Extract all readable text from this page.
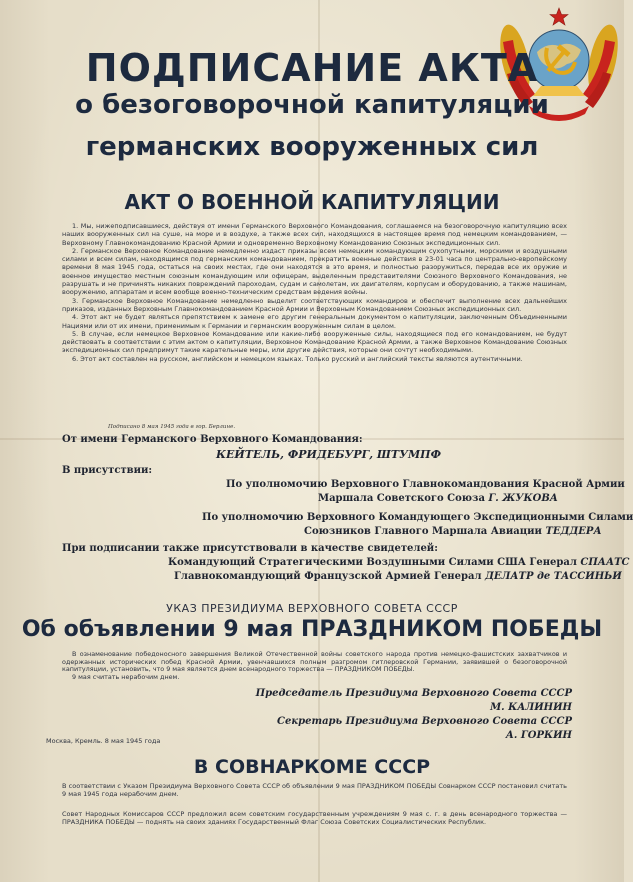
ПОДПИСАНИЕ АКТА
о безоговорочной капитуляции
германских вооруженных сил
АКТ О ВОЕННОЙ КАПИТУЛЯЦИИ

1. Мы, нижеподписавшиеся, действуя от имени Германского Верховного Командования, соглашаемся на безоговорочную капитуляцию всех наших вооруженных сил на суше, на море и в воздухе, а также всех сил, находящихся в настоящее время под немецким командованием, — Верховному Главнокомандованию Красной Армии и одновременно Верховному Командованию Союзных экспедиционных сил.

2. Германское Верховное Командование немедленно издаст приказы всем немецким командующим сухопутными, морскими и воздушными силами и всем силам, находящимся под германским командованием, прекратить военные действия в 23-01 часа по центрально-европейскому времени 8 мая 1945 года, остаться на своих местах, где они находятся в это время, и полностью разоружиться, передав все их оружие и военное имущество местным союзным командующим или офицерам, выделенным представителями Союзного Верховного Командования, не разрушать и не причинять никаких повреждений пароходам, судам и самолетам, их двигателям, корпусам и оборудованию, а также машинам, вооружению, аппаратам и всем вообще военно-техническим средствам ведения войны.

3. Германское Верховное Командование немедленно выделит соответствующих командиров и обеспечит выполнение всех дальнейших приказов, изданных Верховным Главнокомандованием Красной Армии и Верховным Командованием Союзных экспедиционных сил.

4. Этот акт не будет являться препятствием к замене его другим генеральным документом о капитуляции, заключенным Объединенными Нациями или от их имени, применимым к Германии и германским вооруженным силам в целом.

5. В случае, если немецкое Верховное Командование или какие-либо вооруженные силы, находящиеся под его командованием, не будут действовать в соответствии с этим актом о капитуляции, Верховное Командование Красной Армии, а также Верховное Командование Союзных экспедиционных сил предпримут такие карательные меры, или другие действия, которые они сочтут необходимыми.

6. Этот акт составлен на русском, английском и немецком языках. Только русский и английский тексты являются аутентичными.

Подписано 8 мая 1945 года в гор. Берлине.
От имени Германского Верховного Командования:
КЕЙТЕЛЬ, ФРИДЕБУРГ, ШТУМПФ
В присутствии:
По уполномочию Верховного Главнокомандования Красной Армии
Маршала Советского Союза Г. ЖУКОВА
По уполномочию Верховного Командующего Экспедиционными Силами
Союзников Главного Маршала Авиации ТЕДДЕРА
При подписании также присутствовали в качестве свидетелей:
Командующий Стратегическими Воздушными Силами США Генерал СПААТС
Главнокомандующий Французской Армией Генерал ДЕЛАТР де ТАССИНЬИ
УКАЗ ПРЕЗИДИУМА ВЕРХОВНОГО СОВЕТА СССР
Об объявлении 9 мая ПРАЗДНИКОМ ПОБЕДЫ

В ознаменование победоносного завершения Великой Отечественной войны советского народа против немецко-фашистских захватчиков и одержанных исторических побед Красной Армии, увенчавшихся полным разгромом гитлеровской Германии, заявившей о безоговорочной капитуляции, установить, что 9 мая является днем всенародного торжества — ПРАЗДНИКОМ ПОБЕДЫ.

9 мая считать нерабочим днем.

Председатель Президиума Верховного Совета СССР
М. КАЛИНИН
Секретарь Президиума Верховного Совета СССР
А. ГОРКИН
Москва, Кремль. 8 мая 1945 года
В СОВНАРКОМЕ СССР
В соответствии с Указом Президиума Верховного Совета СССР об объявлении 9 мая ПРАЗДНИКОМ ПОБЕДЫ Совнарком СССР постановил считать 9 мая 1945 года нерабочим днем.
Совет Народных Комиссаров СССР предложил всем советским государственным учреждениям 9 мая с. г. в день всенародного торжества — ПРАЗДНИКА ПОБЕДЫ — поднять на своих зданиях Государственный Флаг Союза Советских Социалистических Республик.
